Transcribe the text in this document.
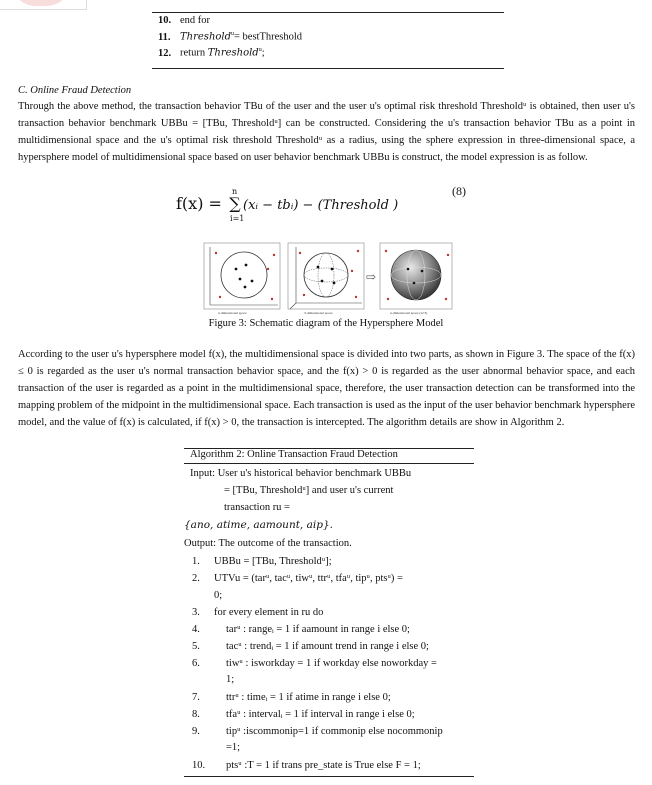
10. end for
11. Threshold$^u$= bestThreshold
12. return Threshold$^u$;
C. Online Fraud Detection

Through the above method, the transaction behavior TBu of the user and the user u's optimal risk threshold Thresholdᵘ is obtained, then user u's transaction behavior benchmark UBBu = [TBu, Thresholdᵘ] can be constructed. Considering the u's transaction behavior TBu as a point in multidimensional space and the u's optimal risk threshold Thresholdᵘ as a radius, using the sphere expression in three-dimensional space, a hypersphere model of multidimensional space based on user behavior benchmark UBBu is construct, the model expression is as follow.

(8)
f(x) =
n
∑
i=1
(xᵢ − tbᵢ) − (Threshold )
2-dimensional space	3-dimensional space
⇨
n-dimensional space (n>3)
Figure 3: Schematic diagram of the Hypersphere Model

According to the user u's hypersphere model f(x), the multidimensional space is divided into two parts, as shown in Figure 3. The space of the f(x) ≤ 0 is regarded as the user u's normal transaction behavior space, and the f(x) > 0 is regarded as the user abnormal behavior space, and each transaction of the user is regarded as a point in the multidimensional space, therefore, the user transaction detection can be transformed into the mapping problem of the midpoint in the multidimensional space. Each transaction is used as the input of the user behavior benchmark hypersphere model, and the value of f(x) is calculated, if f(x) > 0, the transaction is intercepted. The algorithm details are show in Algorithm 2.

Algorithm 2: Online Transaction Fraud Detection
Input: User u's historical behavior benchmark UBBu
= [TBu, Thresholdᵘ] and user u's current
transaction ru =
{ano, atime, aamount, aip}.
Output: The outcome of the transaction.
1. UBBu = [TBu, Thresholdᵘ];
2. UTVu = (tarᵘ, tacᵘ, tiwᵘ, ttrᵘ, tfaᵘ, tipᵘ, ptsᵘ) =
0;
3. for every element in ru do
4. tarᵘ : rangeᵢ = 1 if aamount in range i else 0;
5. tacᵘ : trendᵢ = 1 if amount trend in range i else 0;
6. tiwᵘ : isworkday = 1 if workday else noworkday =
1;
7. ttrᵘ : timeᵢ = 1 if atime in range i else 0;
8. tfaᵘ : intervalᵢ = 1 if interval in range i else 0;
9. tipᵘ :iscommonip=1 if commonip else nocommonip
=1;
10. ptsᵘ :T = 1 if trans pre_state is True else F = 1;
